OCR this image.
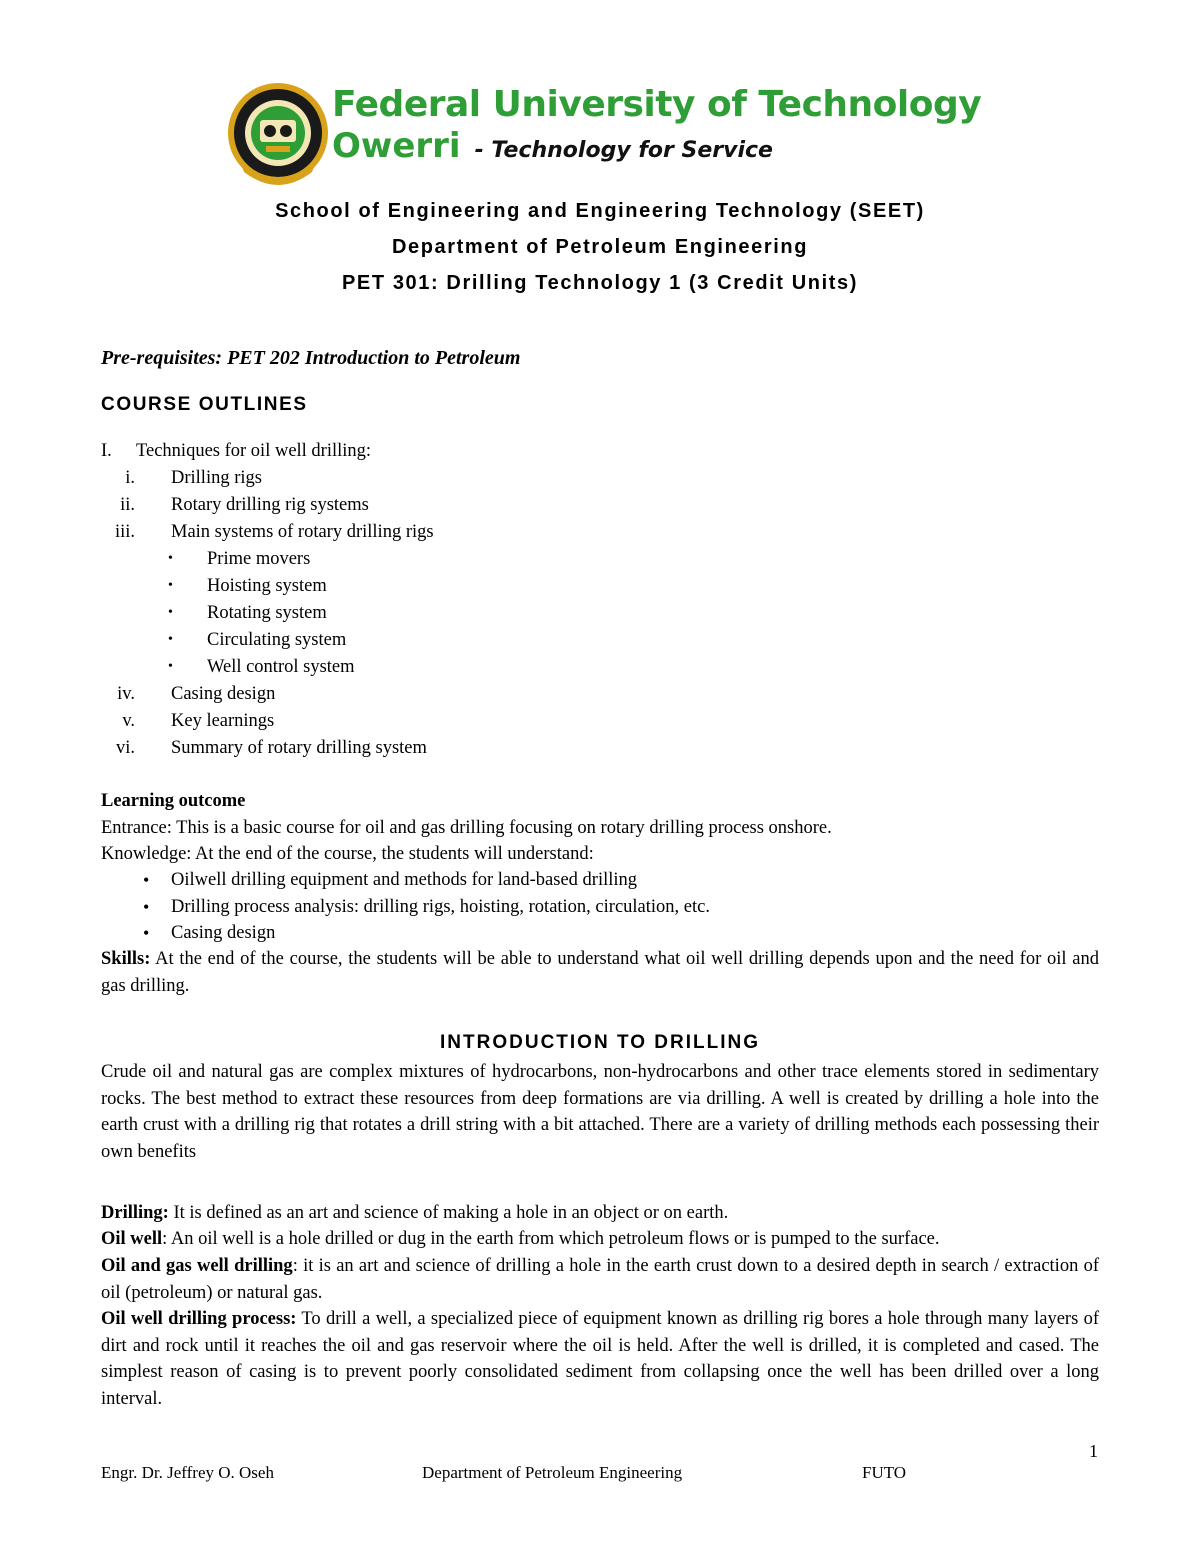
Federal University of Technology
Owerri - Technology for Service
School of Engineering and Engineering Technology (SEET)
Department of Petroleum Engineering
PET 301: Drilling Technology 1 (3 Credit Units)
Pre-requisites: PET 202 Introduction to Petroleum
COURSE OUTLINES
I. Techniques for oil well drilling:
i. Drilling rigs
ii. Rotary drilling rig systems
iii. Main systems of rotary drilling rigs
• Prime movers
• Hoisting system
• Rotating system
• Circulating system
• Well control system
iv. Casing design
v. Key learnings
vi. Summary of rotary drilling system
Learning outcome
Entrance: This is a basic course for oil and gas drilling focusing on rotary drilling process onshore.
Knowledge: At the end of the course, the students will understand:
• Oilwell drilling equipment and methods for land-based drilling
• Drilling process analysis: drilling rigs, hoisting, rotation, circulation, etc.
• Casing design
Skills: At the end of the course, the students will be able to understand what oil well drilling depends upon and the need for oil and gas drilling.
INTRODUCTION TO DRILLING
Crude oil and natural gas are complex mixtures of hydrocarbons, non-hydrocarbons and other trace elements stored in sedimentary rocks. The best method to extract these resources from deep formations are via drilling. A well is created by drilling a hole into the earth crust with a drilling rig that rotates a drill string with a bit attached. There are a variety of drilling methods each possessing their own benefits
Drilling: It is defined as an art and science of making a hole in an object or on earth.
Oil well: An oil well is a hole drilled or dug in the earth from which petroleum flows or is pumped to the surface.
Oil and gas well drilling: it is an art and science of drilling a hole in the earth crust down to a desired depth in search / extraction of oil (petroleum) or natural gas.
Oil well drilling process: To drill a well, a specialized piece of equipment known as drilling rig bores a hole through many layers of dirt and rock until it reaches the oil and gas reservoir where the oil is held. After the well is drilled, it is completed and cased. The simplest reason of casing is to prevent poorly consolidated sediment from collapsing once the well has been drilled over a long interval.
1
Engr. Dr. Jeffrey O. Oseh	Department of Petroleum Engineering	FUTO
